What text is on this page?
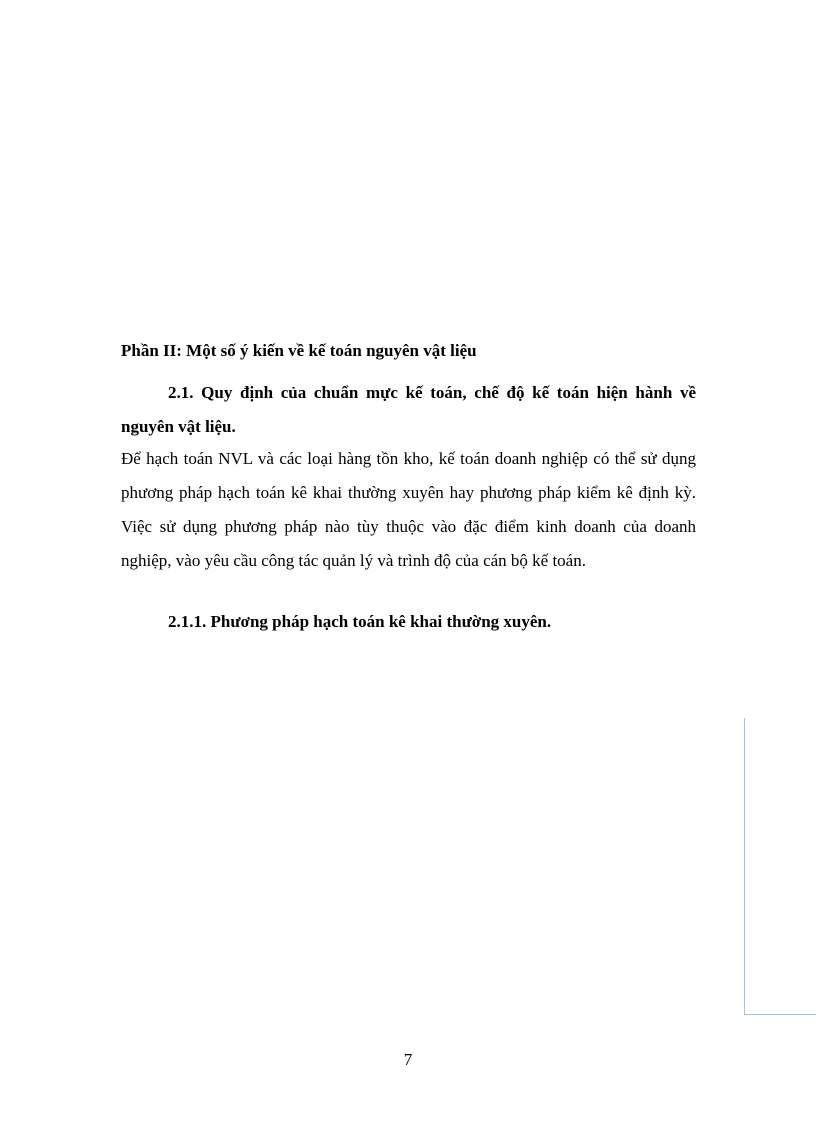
Phần II: Một số ý kiến về kế toán nguyên vật liệu
2.1. Quy định của chuẩn mực kế toán, chế độ kế toán hiện hành về nguyên vật liệu.
Để hạch toán NVL và các loại hàng tồn kho, kế toán doanh nghiệp có thể sử dụng phương pháp hạch toán kê khai thường xuyên hay phương pháp kiểm kê định kỳ. Việc sử dụng phương pháp nào tùy thuộc vào đặc điểm kinh doanh của doanh nghiệp, vào yêu cầu công tác quản lý và trình độ của cán bộ kế toán.
2.1.1. Phương pháp hạch toán kê khai thường xuyên.
7
